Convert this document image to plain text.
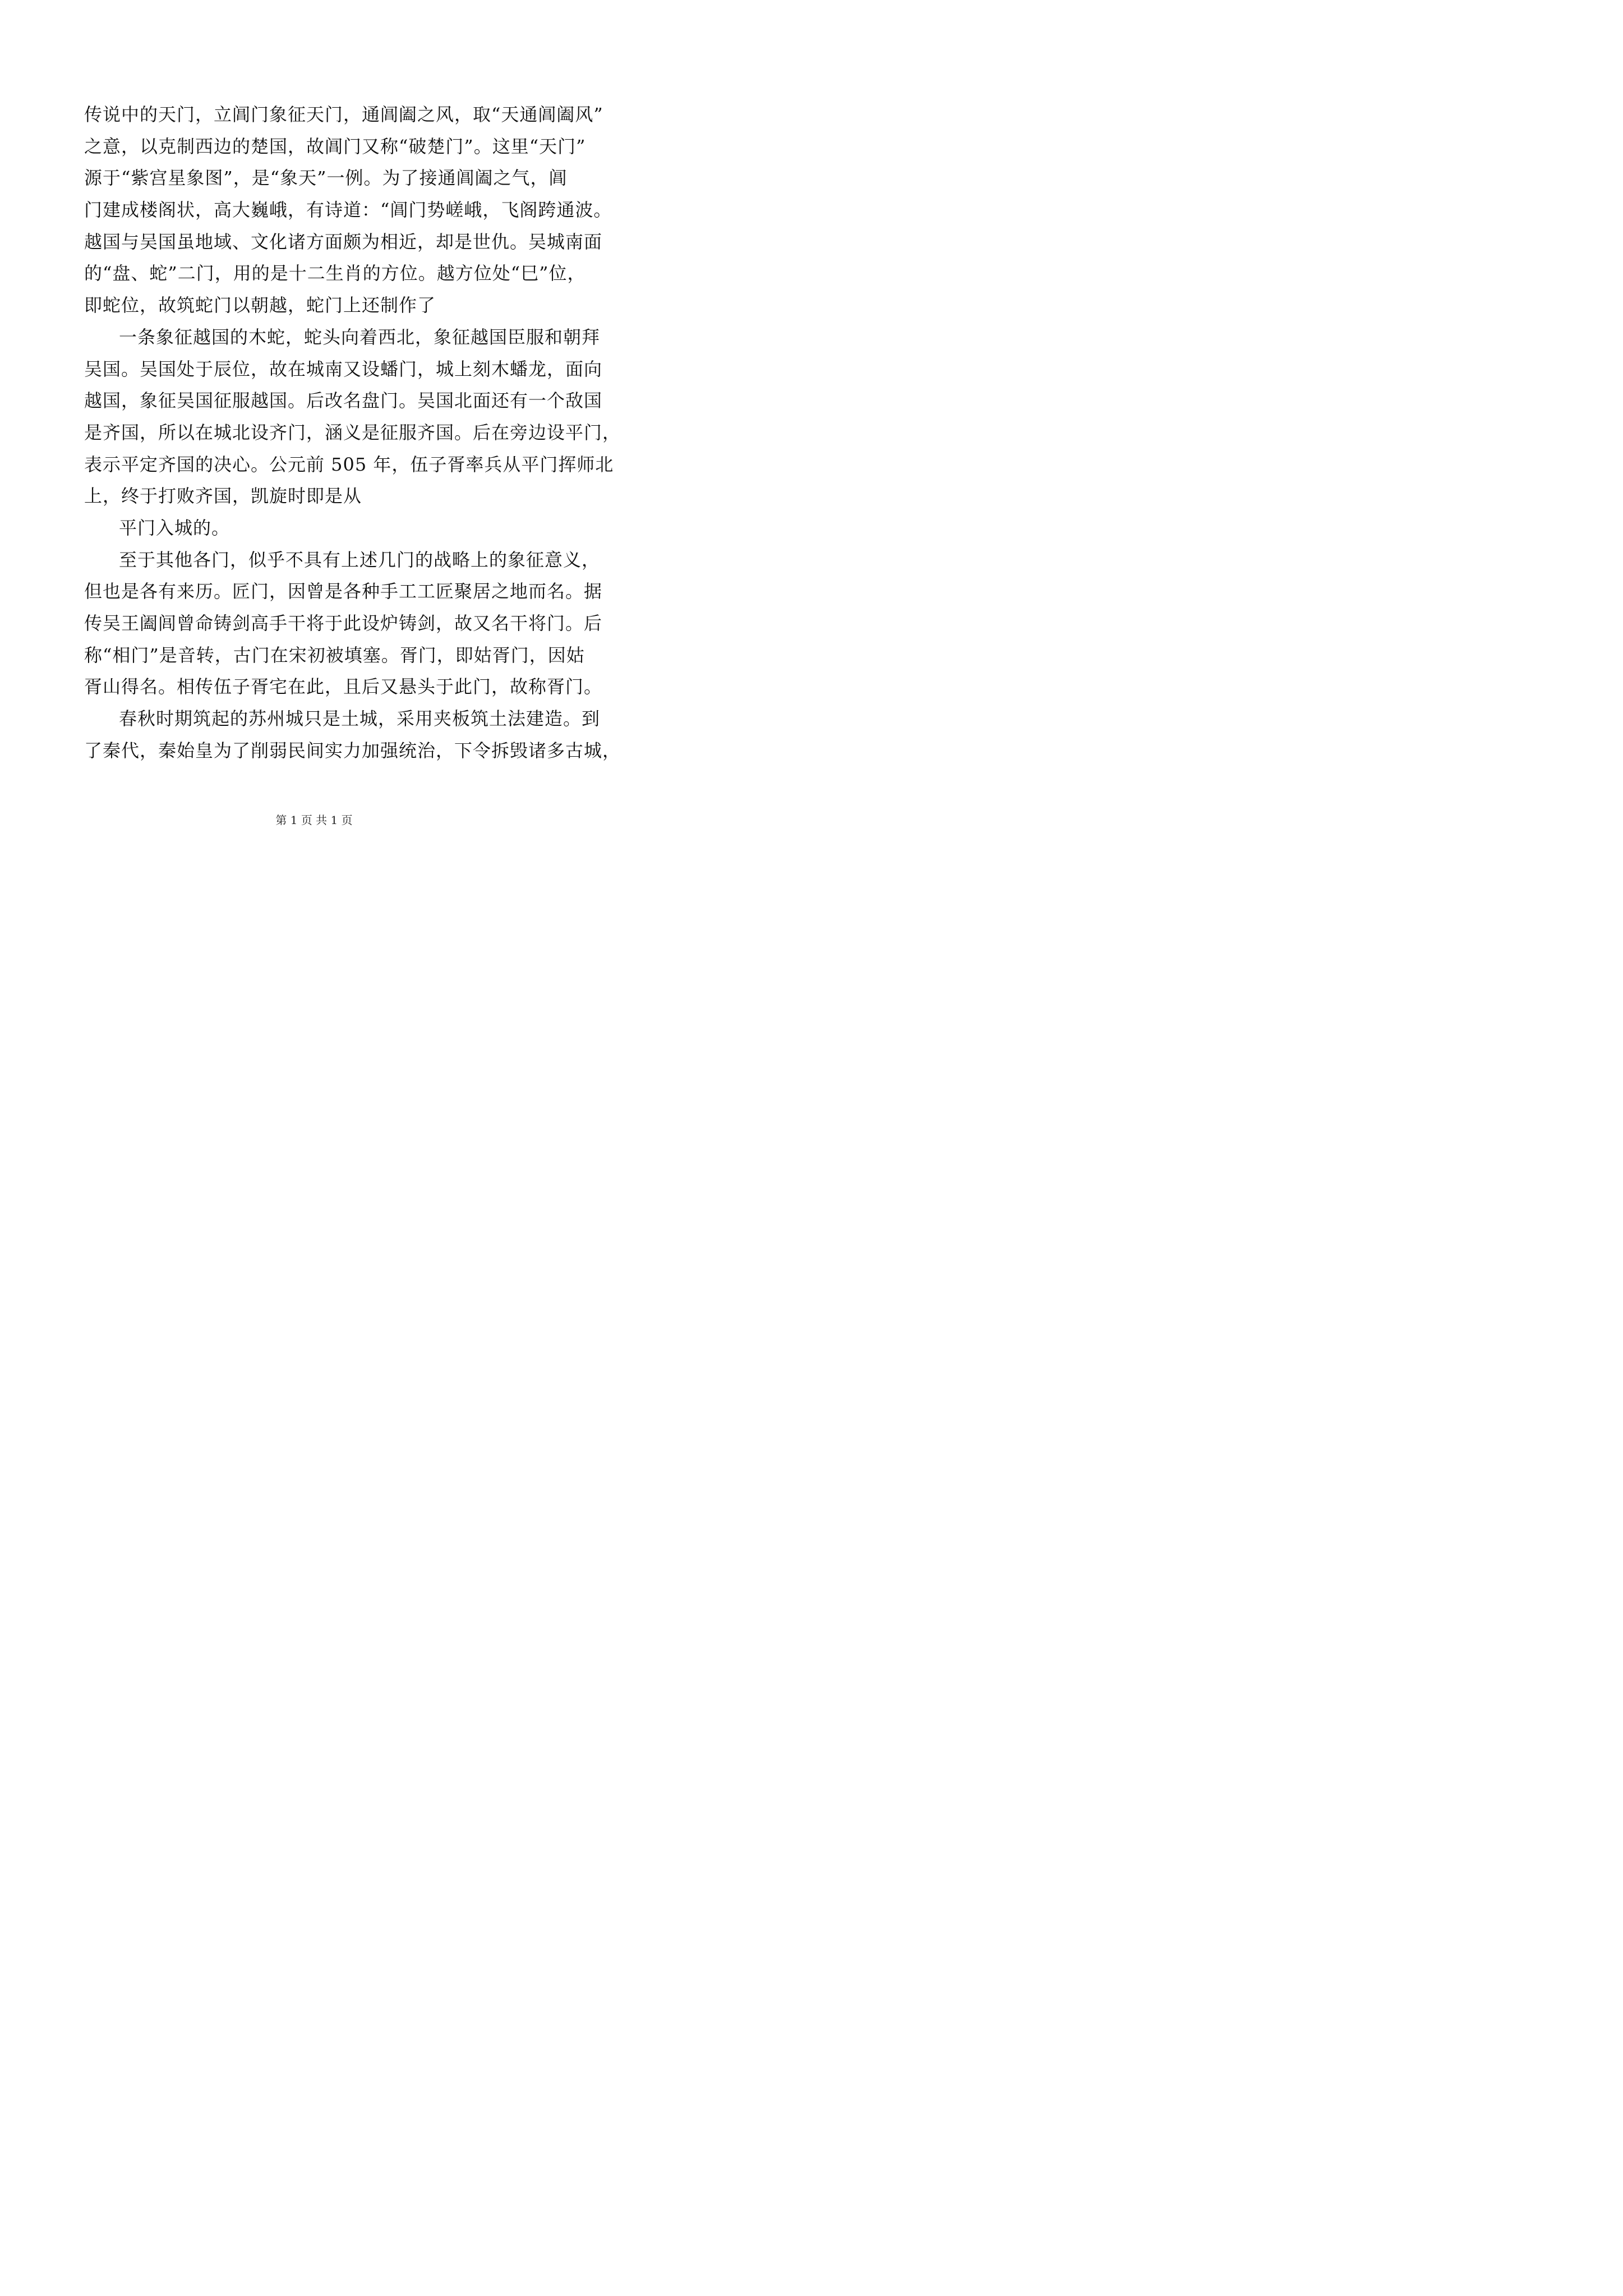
传说中的天门，立阊门象征天门，通阊阖之风，取“天通阊阖风”
之意，以克制西边的楚国，故阊门又称“破楚门”。这里“天门”
源于“紫宫星象图”，是“象天”一例。为了接通阊阖之气，阊
门建成楼阁状，高大巍峨，有诗道：“阊门势嵯峨，飞阁跨通波。
越国与吴国虽地域、文化诸方面颇为相近，却是世仇。吴城南面
的“盘、蛇”二门，用的是十二生肖的方位。越方位处“巳”位，
即蛇位，故筑蛇门以朝越，蛇门上还制作了
一条象征越国的木蛇，蛇头向着西北，象征越国臣服和朝拜
吴国。吴国处于辰位，故在城南又设蟠门，城上刻木蟠龙，面向
越国，象征吴国征服越国。后改名盘门。吴国北面还有一个敌国
是齐国，所以在城北设齐门，涵义是征服齐国。后在旁边设平门，
表示平定齐国的决心。公元前 505 年，伍子胥率兵从平门挥师北
上，终于打败齐国，凯旋时即是从
平门入城的。
至于其他各门，似乎不具有上述几门的战略上的象征意义，
但也是各有来历。匠门，因曾是各种手工工匠聚居之地而名。据
传吴王阖闾曾命铸剑高手干将于此设炉铸剑，故又名干将门。后
称“相门”是音转，古门在宋初被填塞。胥门，即姑胥门，因姑
胥山得名。相传伍子胥宅在此，且后又悬头于此门，故称胥门。
春秋时期筑起的苏州城只是土城，采用夹板筑土法建造。到
了秦代，秦始皇为了削弱民间实力加强统治，下令拆毁诸多古城，
第 1 页 共 1 页
